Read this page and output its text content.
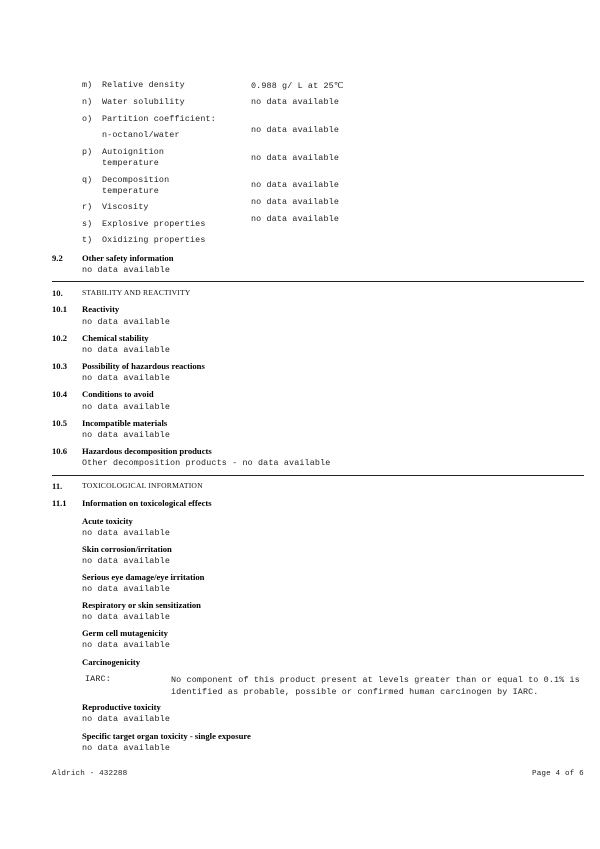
m) Relative density	0.988 g/ L at 25℃
n) Water solubility	no data available
o) Partition coefficient:
n-octanol/water	no data available
p) Autoignition
temperature	no data available
q) Decomposition
temperature
no data available
r) Viscosity	no data available
s) Explosive properties	no data available
t) Oxidizing properties
9.2 Other safety information
no data available
10.	STABILITY AND REACTIVITY
10.1 Reactivity
no data available
10.2 Chemical stability
no data available
10.3 Possibility of hazardous reactions
no data available
10.4 Conditions to avoid
no data available
10.5 Incompatible materials
no data available
10.6 Hazardous decomposition products
Other decomposition products - no data available
11.	TOXICOLOGICAL INFORMATION
11.1 Information on toxicological effects
Acute toxicity
no data available
Skin corrosion/irritation
no data available
Serious eye damage/eye irritation
no data available
Respiratory or skin sensitization
no data available
Germ cell mutagenicity
no data available
Carcinogenicity
IARC:	No component of this product present at levels greater than or equal to 0.1% is identified as probable, possible or confirmed human carcinogen by IARC.
Reproductive toxicity
no data available
Specific target organ toxicity - single exposure
no data available
Aldrich - 432288	Page 4 of 6
